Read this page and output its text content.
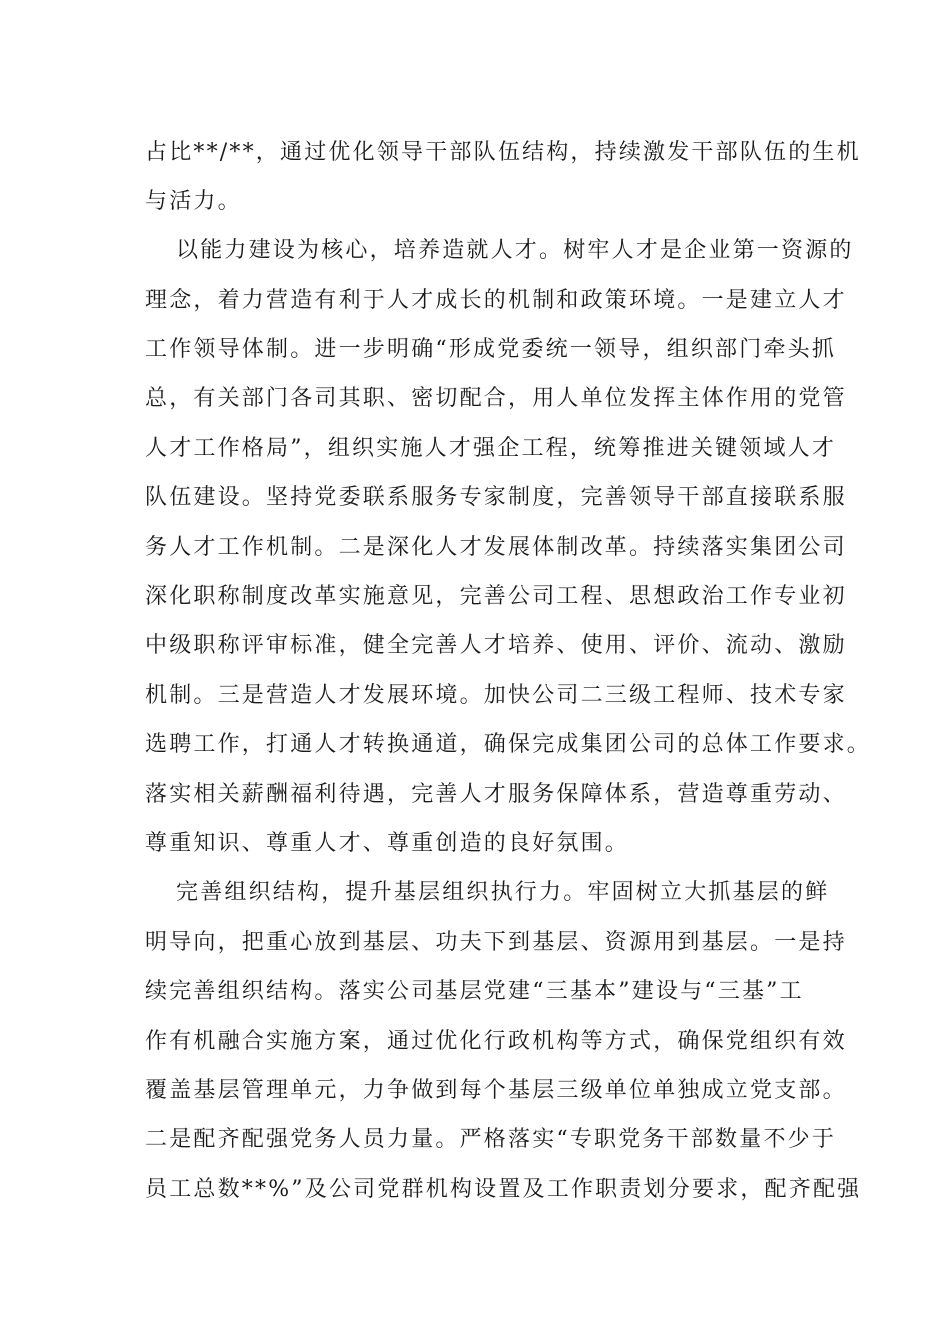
占比**/**，通过优化领导干部队伍结构，持续激发干部队伍的生机
与活力。
以能力建设为核心，培养造就人才。树牢人才是企业第一资源的
理念，着力营造有利于人才成长的机制和政策环境。一是建立人才
工作领导体制。进一步明确“形成党委统一领导，组织部门牵头抓
总，有关部门各司其职、密切配合，用人单位发挥主体作用的党管
人才工作格局”，组织实施人才强企工程，统筹推进关键领域人才
队伍建设。坚持党委联系服务专家制度，完善领导干部直接联系服
务人才工作机制。二是深化人才发展体制改革。持续落实集团公司
深化职称制度改革实施意见，完善公司工程、思想政治工作专业初
中级职称评审标准，健全完善人才培养、使用、评价、流动、激励
机制。三是营造人才发展环境。加快公司二三级工程师、技术专家
选聘工作，打通人才转换通道，确保完成集团公司的总体工作要求。
落实相关薪酬福利待遇，完善人才服务保障体系，营造尊重劳动、
尊重知识、尊重人才、尊重创造的良好氛围。
完善组织结构，提升基层组织执行力。牢固树立大抓基层的鲜
明导向，把重心放到基层、功夫下到基层、资源用到基层。一是持
续完善组织结构。落实公司基层党建“三基本”建设与“三基”工
作有机融合实施方案，通过优化行政机构等方式，确保党组织有效
覆盖基层管理单元，力争做到每个基层三级单位单独成立党支部。
二是配齐配强党务人员力量。严格落实“专职党务干部数量不少于
员工总数**%”及公司党群机构设置及工作职责划分要求，配齐配强
